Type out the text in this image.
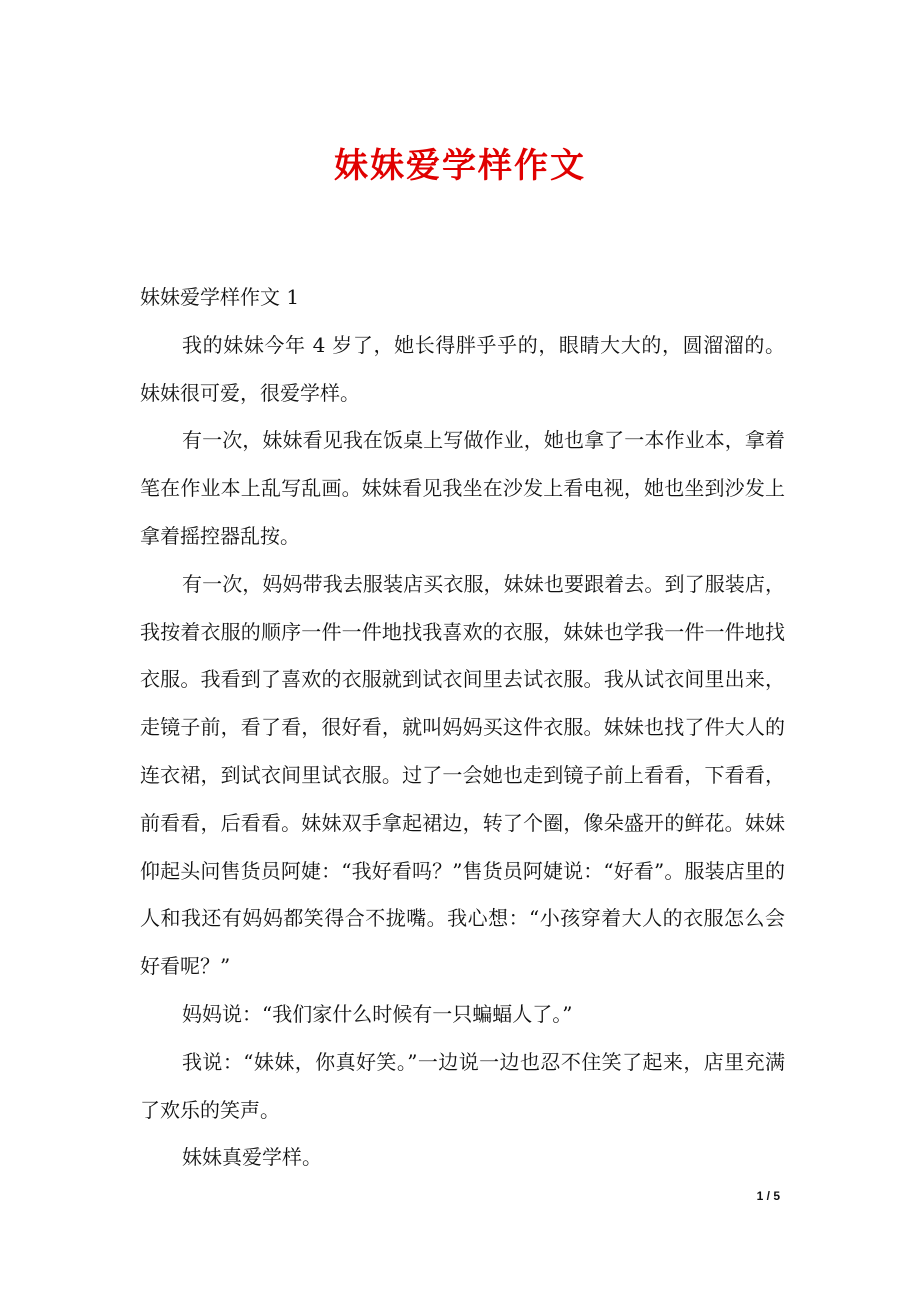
妹妹爱学样作文

妹妹爱学样作文 1

我的妹妹今年 4 岁了，她长得胖乎乎的，眼睛大大的，圆溜溜的。妹妹很可爱，很爱学样。

有一次，妹妹看见我在饭桌上写做作业，她也拿了一本作业本，拿着笔在作业本上乱写乱画。妹妹看见我坐在沙发上看电视，她也坐到沙发上拿着摇控器乱按。

有一次，妈妈带我去服装店买衣服，妹妹也要跟着去。到了服装店，我按着衣服的顺序一件一件地找我喜欢的衣服，妹妹也学我一件一件地找衣服。我看到了喜欢的衣服就到试衣间里去试衣服。我从试衣间里出来，走镜子前，看了看，很好看，就叫妈妈买这件衣服。妹妹也找了件大人的连衣裙，到试衣间里试衣服。过了一会她也走到镜子前上看看，下看看，前看看，后看看。妹妹双手拿起裙边，转了个圈，像朵盛开的鲜花。妹妹仰起头问售货员阿婕：“我好看吗？”售货员阿婕说：“好看”。服装店里的人和我还有妈妈都笑得合不拢嘴。我心想：“小孩穿着大人的衣服怎么会好看呢？”

妈妈说：“我们家什么时候有一只蝙蝠人了。”

我说：“妹妹，你真好笑。”一边说一边也忍不住笑了起来，店里充满了欢乐的笑声。

妹妹真爱学样。

1 / 5
